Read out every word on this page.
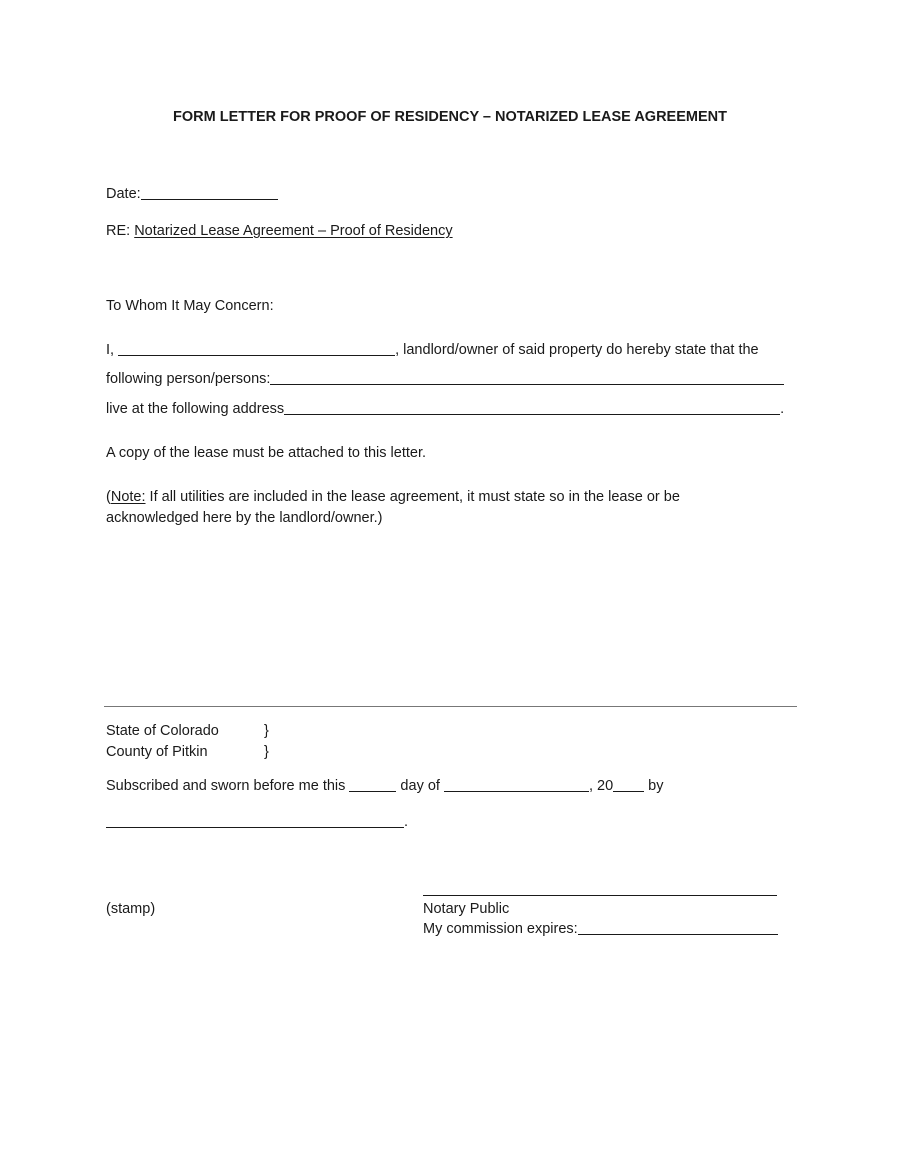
FORM LETTER FOR PROOF OF RESIDENCY – NOTARIZED LEASE AGREEMENT
Date:
RE: Notarized Lease Agreement – Proof of Residency
To Whom It May Concern:
I,	, landlord/owner of said property do hereby state that the
following person/persons:
live at the following address	.
A copy of the lease must be attached to this letter.
(Note: If all utilities are included in the lease agreement, it must state so in the lease or be
acknowledged here by the landlord/owner.)
State of Colorado	}
County of Pitkin	}
Subscribed and sworn before me this	day of	, 20 by
.
(stamp)	Notary Public
My commission expires:
